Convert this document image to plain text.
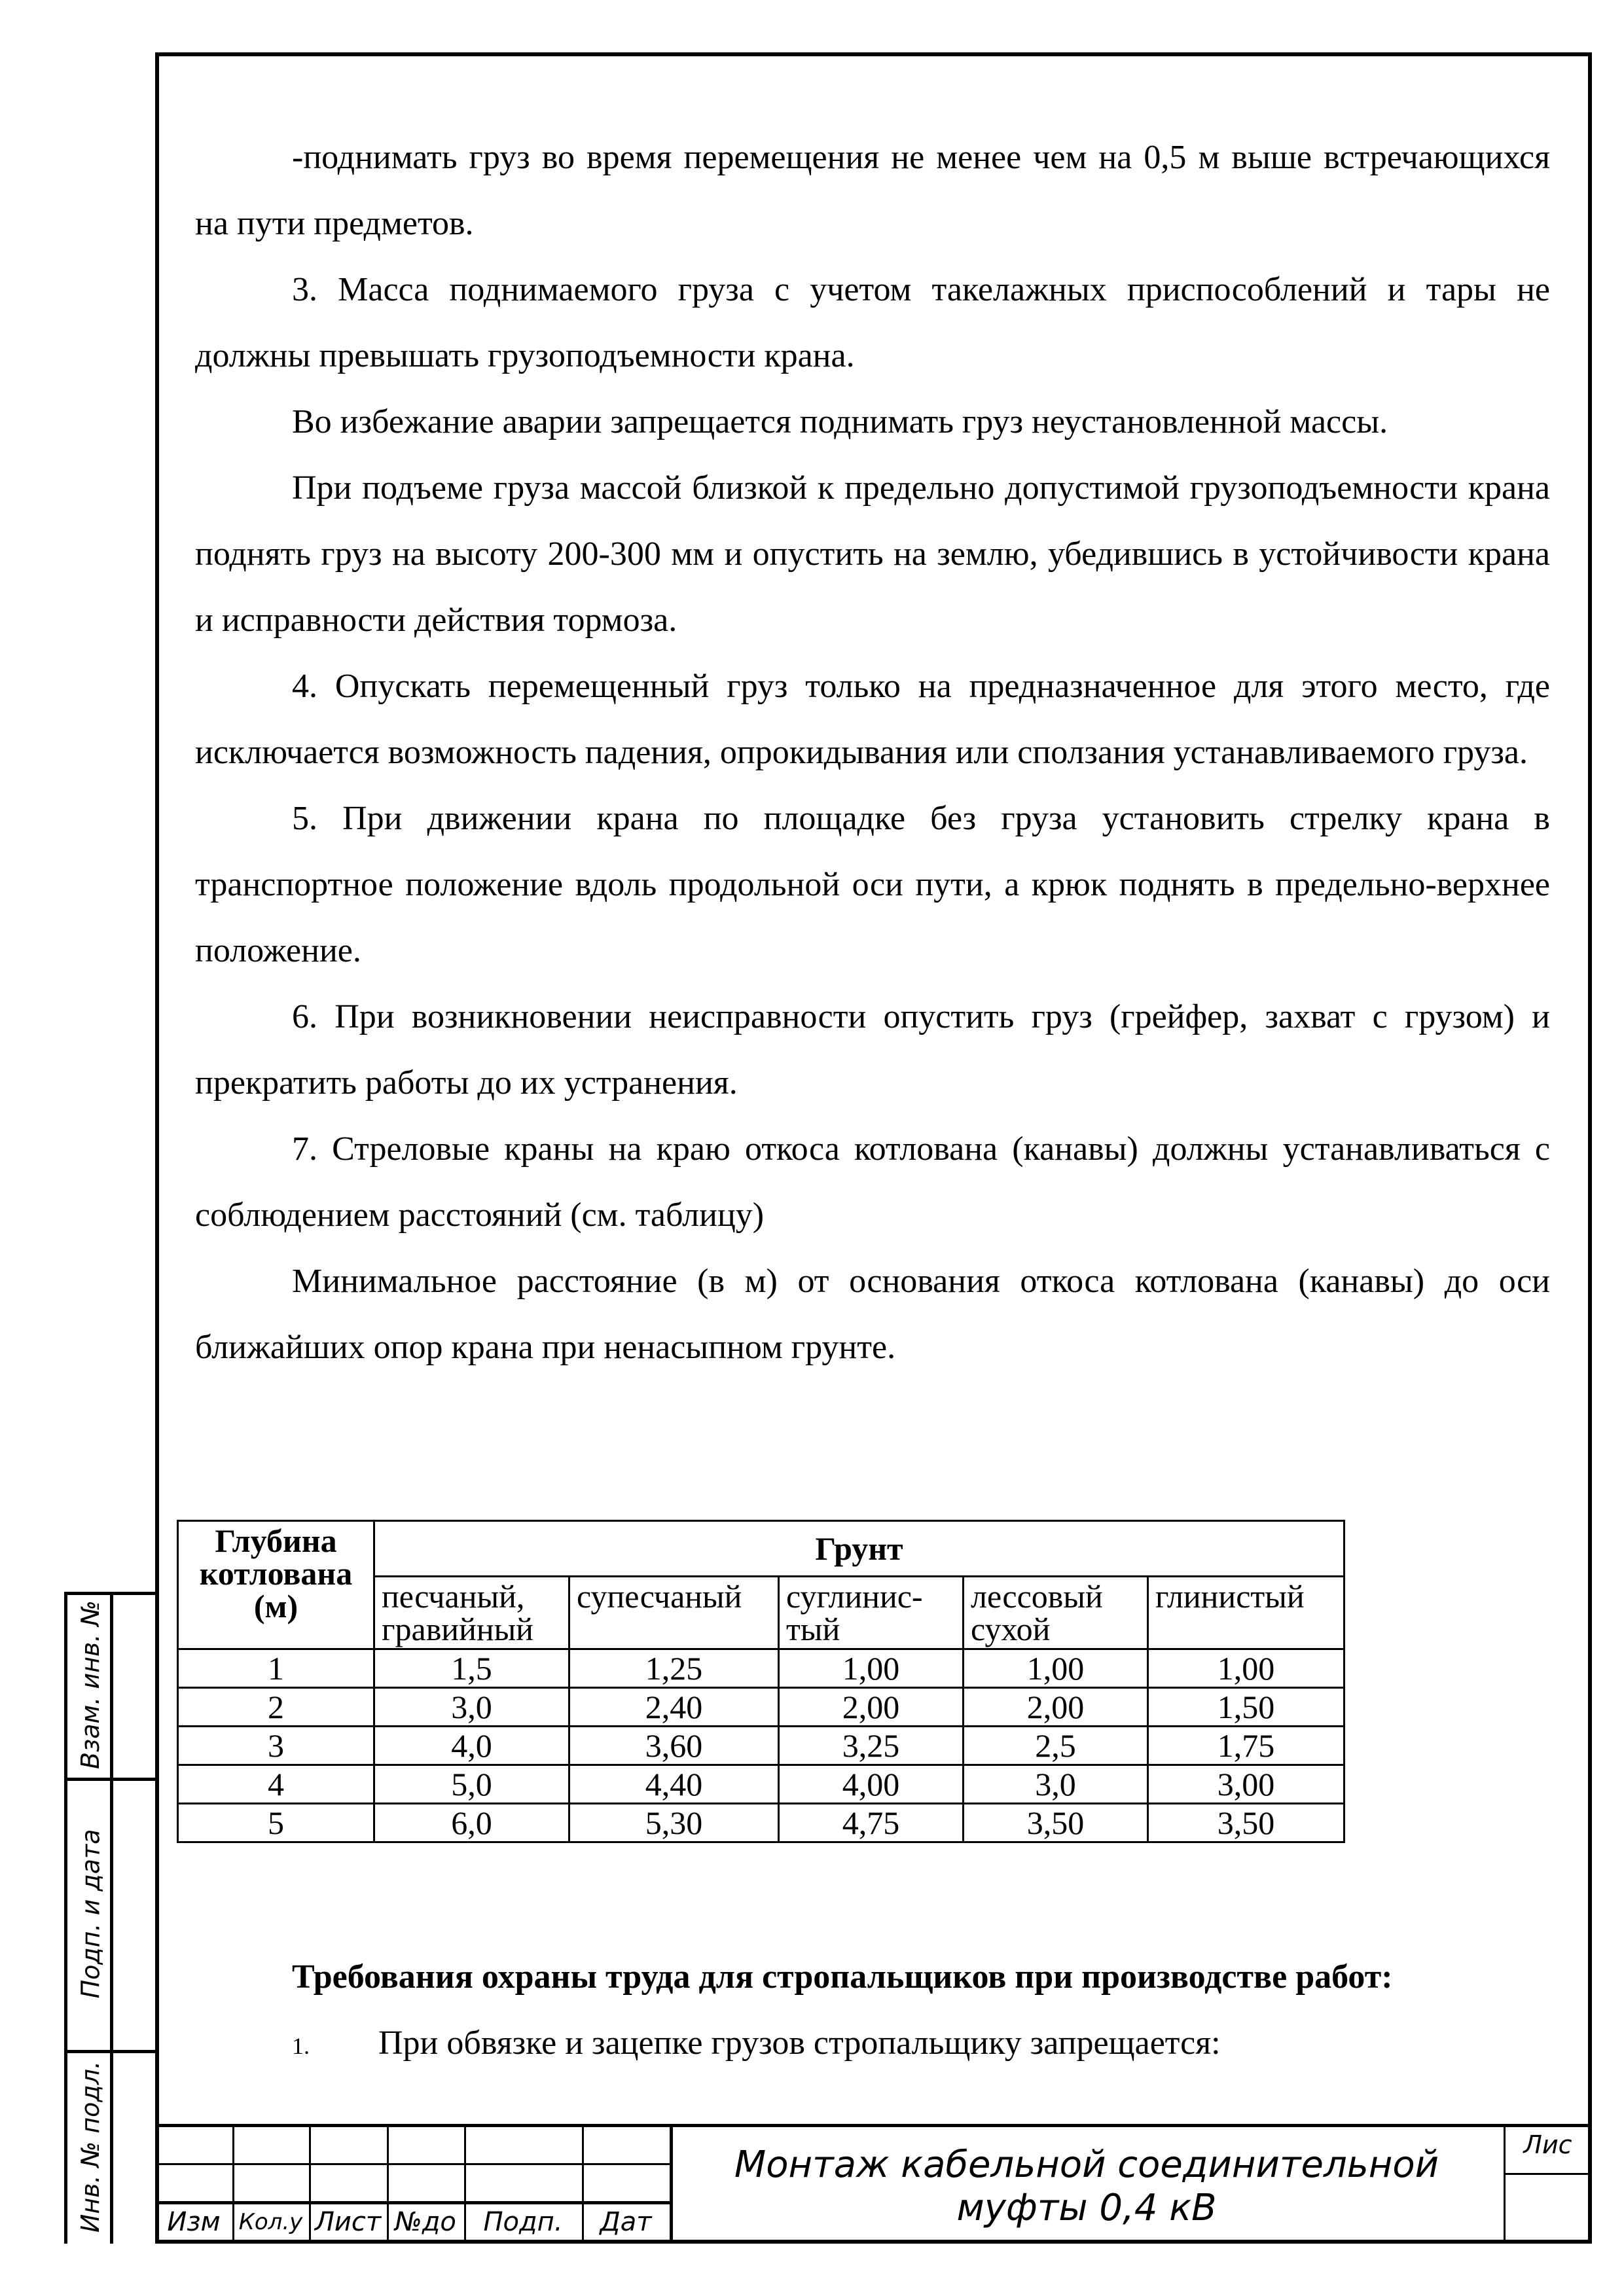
-поднимать груз во время перемещения не менее чем на 0,5 м выше встречающихся на пути предметов.

3. Масса поднимаемого груза с учетом такелажных приспособлений и тары не должны превышать грузоподъемности крана.

Во избежание аварии запрещается поднимать груз неустановленной массы.

При подъеме груза массой близкой к предельно допустимой грузоподъемности крана поднять груз на высоту 200-300 мм и опустить на землю, убедившись в устойчивости крана и исправности действия тормоза.

4. Опускать перемещенный груз только на предназначенное для этого место, где исключается возможность падения, опрокидывания или сползания устанавливаемого груза.

5. При движении крана по площадке без груза установить стрелку крана в транспортное положение вдоль продольной оси пути, а крюк поднять в предельно-верхнее положение.

6. При возникновении неисправности опустить груз (грейфер, захват с грузом) и прекратить работы до их устранения.

7. Стреловые краны на краю откоса котлована (канавы) должны устанавливаться с соблюдением расстояний (см. таблицу)

Минимальное расстояние (в м) от основания откоса котлована (канавы) до оси ближайших опор крана при ненасыпном грунте.

Глубина котлована (м)	Грунт				
	песчаный, гравийный	супесчаный	суглинис-тый	лессовый сухой	глинистый
1	1,5	1,25	1,00	1,00	1,00
2	3,0	2,40	2,00	2,00	1,50
3	4,0	3,60	3,25	2,5	1,75
4	5,0	4,40	4,00	3,0	3,00
5	6,0	5,30	4,75	3,50	3,50

Требования охраны труда для стропальщиков при производстве работ:

1. При обвязке и зацепке грузов стропальщику запрещается:

Взам. инв. №
Подп. и дата
Инв. № подл.	Изм Кол.у Лист №до	Подп.	Дат
Монтаж кабельной соединительной муфты 0,4 кВ
Лис
